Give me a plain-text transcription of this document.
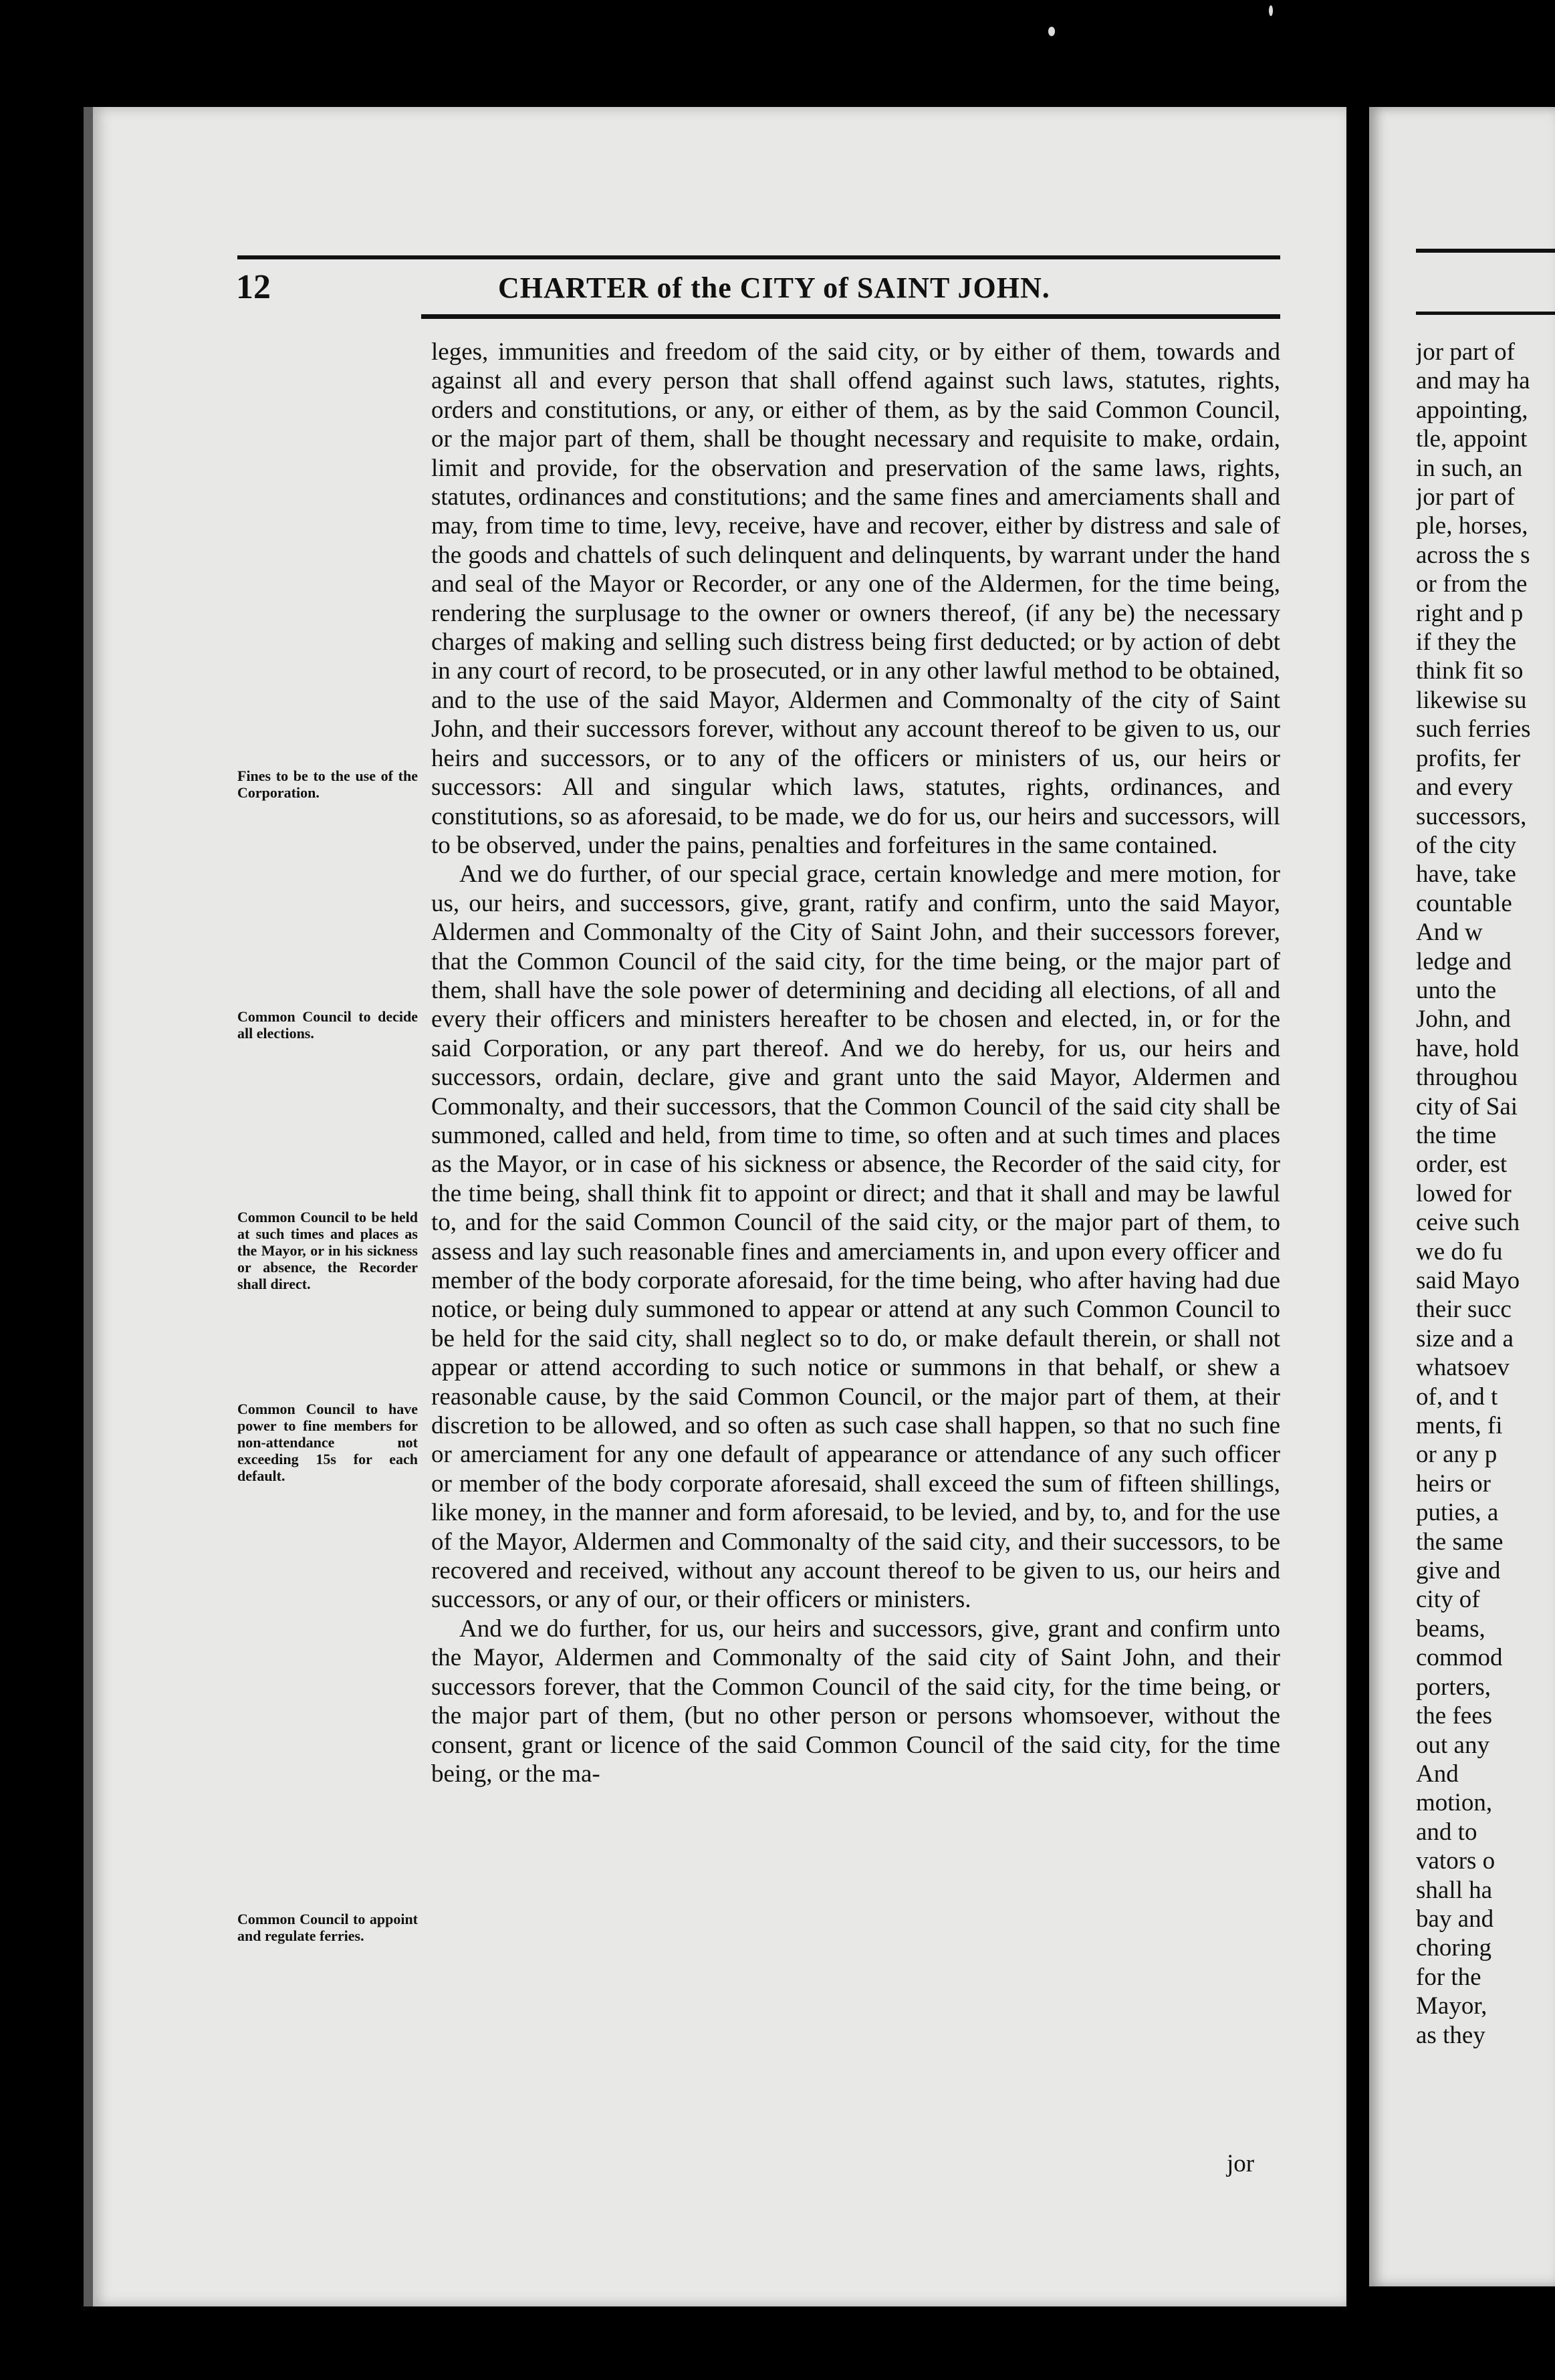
12	CHARTER of the CITY of SAINT JOHN.
Fines to be to the use of the Corporation.
Common Council to decide all elections.
Common Council to be held at such times and places as the Mayor, or in his sickness or absence, the Recorder shall direct.
Common Council to have power to fine members for non-attendance not exceeding 15s for each default.
Common Council to appoint and regulate ferries.

leges, immunities and freedom of the said city, or by either of them, towards and against all and every person that shall offend against such laws, statutes, rights, orders and constitutions, or any, or either of them, as by the said Common Council, or the major part of them, shall be thought necessary and requisite to make, ordain, limit and provide, for the observation and preservation of the same laws, rights, statutes, ordinances and constitutions; and the same fines and amerciaments shall and may, from time to time, levy, receive, have and recover, either by distress and sale of the goods and chattels of such delinquent and delinquents, by warrant under the hand and seal of the Mayor or Recorder, or any one of the Aldermen, for the time being, rendering the surplusage to the owner or owners thereof, (if any be) the necessary charges of making and selling such distress being first deducted; or by action of debt in any court of record, to be prosecuted, or in any other lawful method to be obtained, and to the use of the said Mayor, Aldermen and Commonalty of the city of Saint John, and their successors forever, without any account thereof to be given to us, our heirs and successors, or to any of the officers or ministers of us, our heirs or successors: All and singular which laws, statutes, rights, ordinances, and constitutions, so as aforesaid, to be made, we do for us, our heirs and successors, will to be observed, under the pains, penalties and forfeitures in the same contained.

And we do further, of our special grace, certain knowledge and mere motion, for us, our heirs, and successors, give, grant, ratify and confirm, unto the said Mayor, Aldermen and Commonalty of the City of Saint John, and their successors forever, that the Common Council of the said city, for the time being, or the major part of them, shall have the sole power of determining and deciding all elections, of all and every their officers and ministers hereafter to be chosen and elected, in, or for the said Corporation, or any part thereof. And we do hereby, for us, our heirs and successors, ordain, declare, give and grant unto the said Mayor, Aldermen and Commonalty, and their successors, that the Common Council of the said city shall be summoned, called and held, from time to time, so often and at such times and places as the Mayor, or in case of his sickness or absence, the Recorder of the said city, for the time being, shall think fit to appoint or direct; and that it shall and may be lawful to, and for the said Common Council of the said city, or the major part of them, to assess and lay such reasonable fines and amerciaments in, and upon every officer and member of the body corporate aforesaid, for the time being, who after having had due notice, or being duly summoned to appear or attend at any such Common Council to be held for the said city, shall neglect so to do, or make default therein, or shall not appear or attend according to such notice or summons in that behalf, or shew a reasonable cause, by the said Common Council, or the major part of them, at their discretion to be allowed, and so often as such case shall happen, so that no such fine or amerciament for any one default of appearance or attendance of any such officer or member of the body corporate aforesaid, shall exceed the sum of fifteen shillings, like money, in the manner and form aforesaid, to be levied, and by, to, and for the use of the Mayor, Aldermen and Commonalty of the said city, and their successors, to be recovered and received, without any account thereof to be given to us, our heirs and successors, or any of our, or their officers or ministers.

And we do further, for us, our heirs and successors, give, grant and confirm unto the Mayor, Aldermen and Commonalty of the said city of Saint John, and their successors forever, that the Common Council of the said city, for the time being, or the major part of them, (but no other person or persons whomsoever, without the consent, grant or licence of the said Common Council of the said city, for the time being, or the ma-

jor
jor part of
and may ha
appointing,
tle, appoint
in such, an
jor part of
ple, horses,
across the s
or from the
right and p
if they the
think fit so
likewise su
such ferries
profits, fer
and every
successors,
of the city
have, take
countable
And w
ledge and
unto the
John, and
have, hold
throughou
city of Sai
the time
order, est
lowed for
ceive such
we do fu
said Mayo
their succ
size and a
whatsoev
of, and t
ments, fi
or any p
heirs or
puties, a
the same
give and
city of
beams,
commod
porters,
the fees
out any
And
motion,
and to
vators o
shall ha
bay and
choring
for the
Mayor,
as they
